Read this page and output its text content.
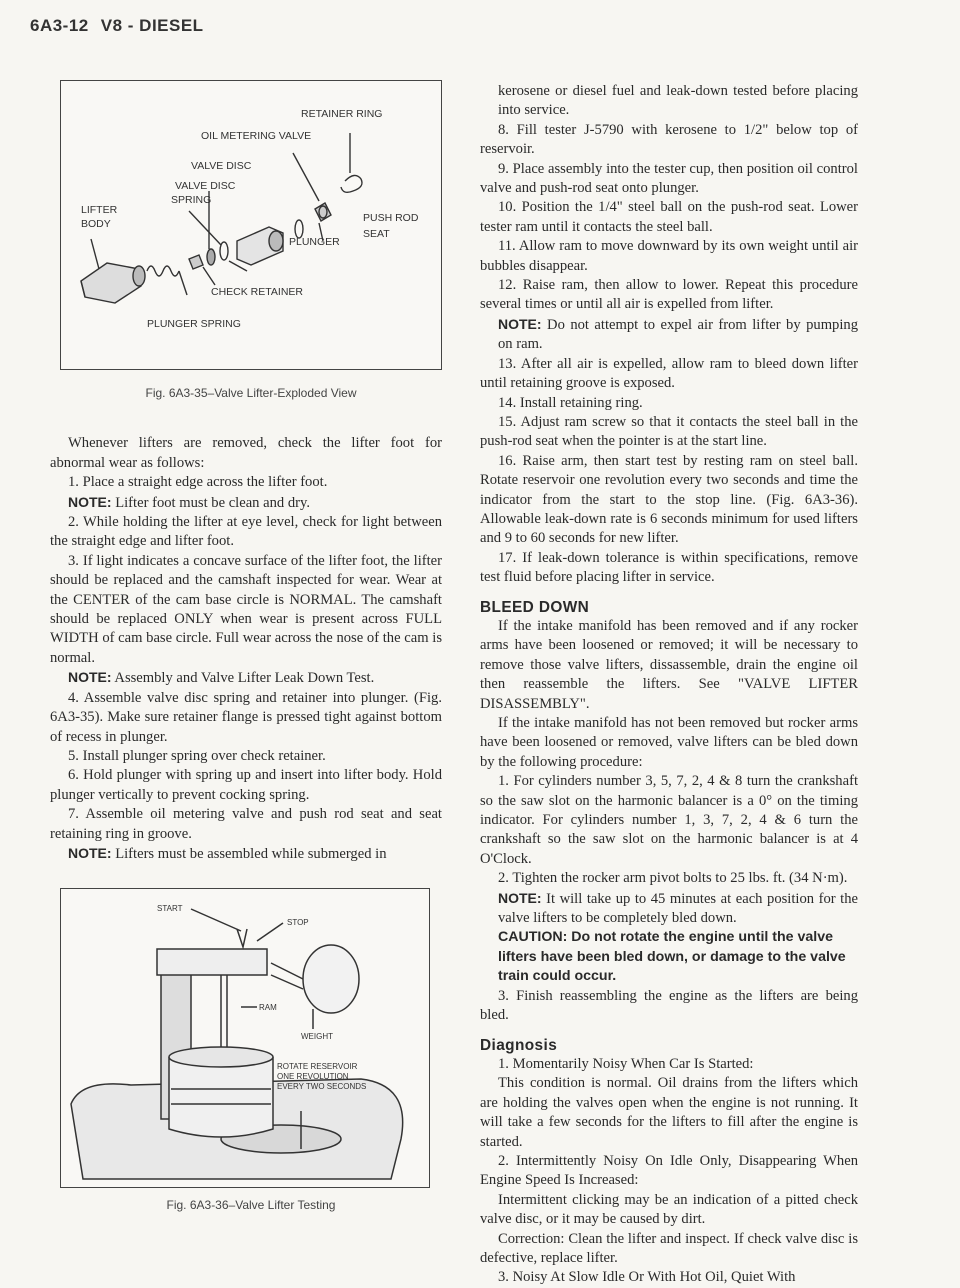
6A3-12 V8 - DIESEL
RETAINER RING
OIL METERING VALVE
VALVE DISC
VALVE DISC
SPRING
LIFTER
BODY	PUSH ROD
SEAT
PLUNGER
CHECK RETAINER
PLUNGER SPRING
Fig. 6A3-35–Valve Lifter-Exploded View

Whenever lifters are removed, check the lifter foot for abnormal wear as follows:

1. Place a straight edge across the lifter foot.

NOTE: Lifter foot must be clean and dry.

2. While holding the lifter at eye level, check for light between the straight edge and lifter foot.

3. If light indicates a concave surface of the lifter foot, the lifter should be replaced and the camshaft inspected for wear. Wear at the CENTER of the cam base circle is NORMAL. The camshaft should be replaced ONLY when wear is present across FULL WIDTH of cam base circle. Full wear across the nose of the cam is normal.

NOTE: Assembly and Valve Lifter Leak Down Test.

4. Assemble valve disc spring and retainer into plunger. (Fig. 6A3-35). Make sure retainer flange is pressed tight against bottom of recess in plunger.

5. Install plunger spring over check retainer.

6. Hold plunger with spring up and insert into lifter body. Hold plunger vertically to prevent cocking spring.

7. Assemble oil metering valve and push rod seat and seat retaining ring in groove.

NOTE: Lifters must be assembled while submerged in

START
STOP
RAM
WEIGHT
ROTATE RESERVOIR
ONE REVOLUTION
EVERY TWO SECONDS
Fig. 6A3-36–Valve Lifter Testing

kerosene or diesel fuel and leak-down tested before placing into service.

8. Fill tester J-5790 with kerosene to 1/2" below top of reservoir.

9. Place assembly into the tester cup, then position oil control valve and push-rod seat onto plunger.

10. Position the 1/4" steel ball on the push-rod seat. Lower tester ram until it contacts the steel ball.

11. Allow ram to move downward by its own weight until air bubbles disappear.

12. Raise ram, then allow to lower. Repeat this procedure several times or until all air is expelled from lifter.

NOTE: Do not attempt to expel air from lifter by pumping on ram.

13. After all air is expelled, allow ram to bleed down lifter until retaining groove is exposed.

14. Install retaining ring.

15. Adjust ram screw so that it contacts the steel ball in the push-rod seat when the pointer is at the start line.

16. Raise arm, then start test by resting ram on steel ball. Rotate reservoir one revolution every two seconds and time the indicator from the start to the stop line. (Fig. 6A3-36). Allowable leak-down rate is 6 seconds minimum for used lifters and 9 to 60 seconds for new lifter.

17. If leak-down tolerance is within specifications, remove test fluid before placing lifter in service.

BLEED DOWN

If the intake manifold has been removed and if any rocker arms have been loosened or removed; it will be necessary to remove those valve lifters, dissassemble, drain the engine oil then reassemble the lifters. See "VALVE LIFTER DISASSEMBLY".

If the intake manifold has not been removed but rocker arms have been loosened or removed, valve lifters can be bled down by the following procedure:

1. For cylinders number 3, 5, 7, 2, 4 & 8 turn the crankshaft so the saw slot on the harmonic balancer is a 0° on the timing indicator. For cylinders number 1, 3, 7, 2, 4 & 6 turn the crankshaft so the saw slot on the harmonic balancer is at 4 O'Clock.

2. Tighten the rocker arm pivot bolts to 25 lbs. ft. (34 N·m).

NOTE: It will take up to 45 minutes at each position for the valve lifters to be completely bled down.

CAUTION: Do not rotate the engine until the valve lifters have been bled down, or damage to the valve train could occur.

3. Finish reassembling the engine as the lifters are being bled.

Diagnosis

1. Momentarily Noisy When Car Is Started:

This condition is normal. Oil drains from the lifters which are holding the valves open when the engine is not running. It will take a few seconds for the lifters to fill after the engine is started.

2. Intermittently Noisy On Idle Only, Disappearing When Engine Speed Is Increased:

Intermittent clicking may be an indication of a pitted check valve disc, or it may be caused by dirt.

Correction: Clean the lifter and inspect. If check valve disc is defective, replace lifter.

3. Noisy At Slow Idle Or With Hot Oil, Quiet With
